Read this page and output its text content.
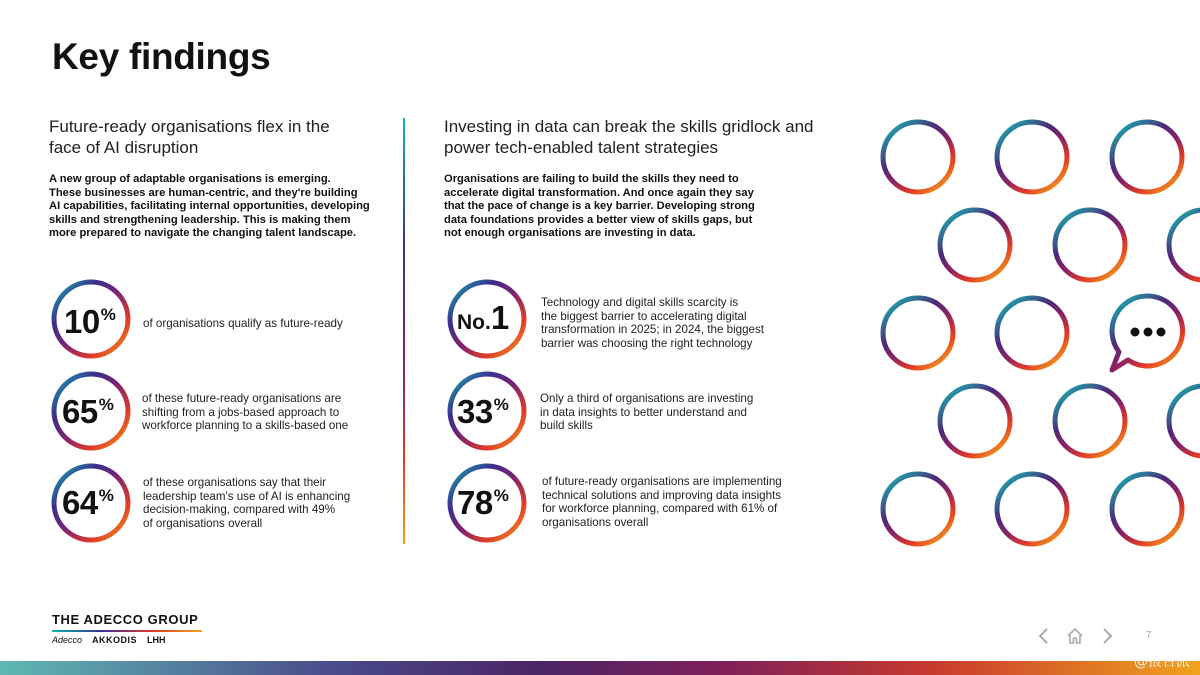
Key findings
Future-ready organisations flex in the face of AI disruption
A new group of adaptable organisations is emerging.
These businesses are human-centric, and they're building
AI capabilities, facilitating internal opportunities, developing
skills and strengthening leadership. This is making them
more prepared to navigate the changing talent landscape.
10 % of organisations qualify as future-ready
65 % of these future-ready organisations are
shifting from a jobs-based approach to
workforce planning to a skills-based one
64 %
of these organisations say that their
leadership team's use of AI is enhancing
decision-making, compared with 49%
of organisations overall
Investing in data can break the skills gridlock and power tech-enabled talent strategies
Organisations are failing to build the skills they need to
accelerate digital transformation. And once again they say
that the pace of change is a key barrier. Developing strong
data foundations provides a better view of skills gaps, but
not enough organisations are investing in data.
No. 1	Technology and digital skills scarcity is
the biggest barrier to accelerating digital
transformation in 2025; in 2024, the biggest
barrier was choosing the right technology
33 %	Only a third of organisations are investing
in data insights to better understand and
build skills
78 %
of future-ready organisations are implementing
technical solutions and improving data insights
for workforce planning, compared with 61% of
organisations overall
THE ADECCO GROUP
Adecco AKKODIS LHH	7
@报告派
